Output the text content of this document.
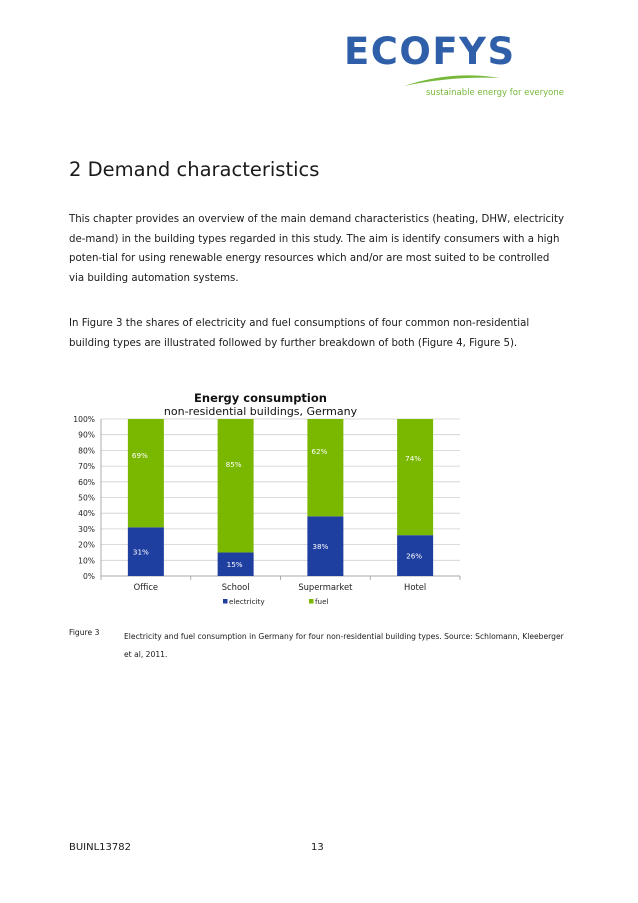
ECOFYS
sustainable energy for everyone
2 Demand characteristics

This chapter provides an overview of the main demand characteristics (heating, DHW, electricity de-mand) in the building types regarded in this study. The aim is identify consumers with a high poten-tial for using renewable energy resources which and/or are most suited to be controlled via building automation systems.

In Figure 3 the shares of electricity and fuel consumptions of four common non-residential building types are illustrated followed by further breakdown of both (Figure 4, Figure 5).

Energy consumption
non-residential buildings, Germany
0%
10%
20%
30%
40%
50%
60%
70%
80%
90%
100%
31%
69%
Office
15%
85%
School
38%
62%
Supermarket
26%
74%
Hotel
electricity	fuel
Figure 3	Electricity and fuel consumption in Germany for four non-residential building types. Source: Schlomann, Kleeberger et al, 2011.

BUINL13782	13
